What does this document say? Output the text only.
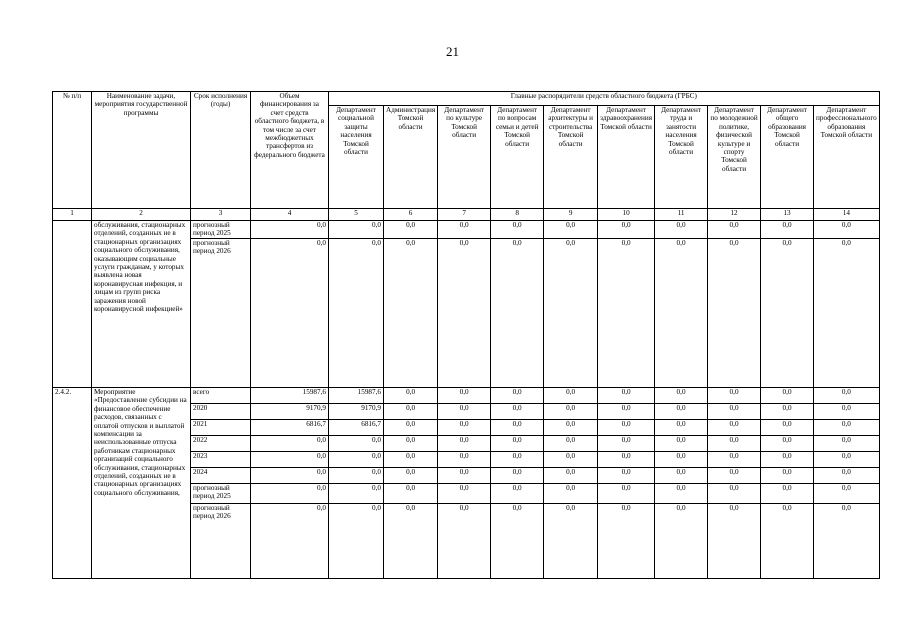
21
№ п/п	Наименование задачи, мероприятия государственной программы	Срок исполнения (годы)	Объем финансирования за счет средств областного бюджета, в том числе за счет межбюджетных трансфертов из федерального бюджета	Главные распорядители средств областного бюджета (ГРБС)									
				Департамент социальной защиты населения Томской области	Администрация Томской области	Департамент по культуре Томской области	Департамент по вопросам семьи и детей Томской области	Департамент архитектуры и строительства Томской области	Департамент здравоохранения Томской области	Департамент труда и занятости населения Томской области	Департамент по молодежной политике, физической культуре и спорту Томской области	Департамент общего образования Томской области	Департамент профессионального образования Томской области
1	2	3	4	5	6	7	8	9	10	11	12	13	14
	обслуживания, стационарных отделений, созданных не в стационарных организациях социального обслуживания, оказывающим социальные услуги гражданам, у которых выявлена новая коронавирусная инфекция, и лицам из групп риска заражения новой коронавирусной инфекцией»	прогнозный период 2025	0,0	0,0	0,0	0,0	0,0	0,0	0,0	0,0	0,0	0,0	0,0
		прогнозный период 2026	0,0	0,0	0,0	0,0	0,0	0,0	0,0	0,0	0,0	0,0	0,0
2.4.2.	Мероприятие «Предоставление субсидии на финансовое обеспечение расходов, связанных с оплатой отпусков и выплатой компенсации за неиспользованные отпуска работникам стационарных организаций социального обслуживания, стационарных отделений, созданных не в стационарных организациях социального обслуживания,	всего	15987,6	15987,6	0,0	0,0	0,0	0,0	0,0	0,0	0,0	0,0	0,0
		2020	9170,9	9170,9	0,0	0,0	0,0	0,0	0,0	0,0	0,0	0,0	0,0
		2021	6816,7	6816,7	0,0	0,0	0,0	0,0	0,0	0,0	0,0	0,0	0,0
		2022	0,0	0,0	0,0	0,0	0,0	0,0	0,0	0,0	0,0	0,0	0,0
		2023	0,0	0,0	0,0	0,0	0,0	0,0	0,0	0,0	0,0	0,0	0,0
		2024	0,0	0,0	0,0	0,0	0,0	0,0	0,0	0,0	0,0	0,0	0,0
		прогнозный период 2025	0,0	0,0	0,0	0,0	0,0	0,0	0,0	0,0	0,0	0,0	0,0
		прогнозный период 2026	0,0	0,0	0,0	0,0	0,0	0,0	0,0	0,0	0,0	0,0	0,0
